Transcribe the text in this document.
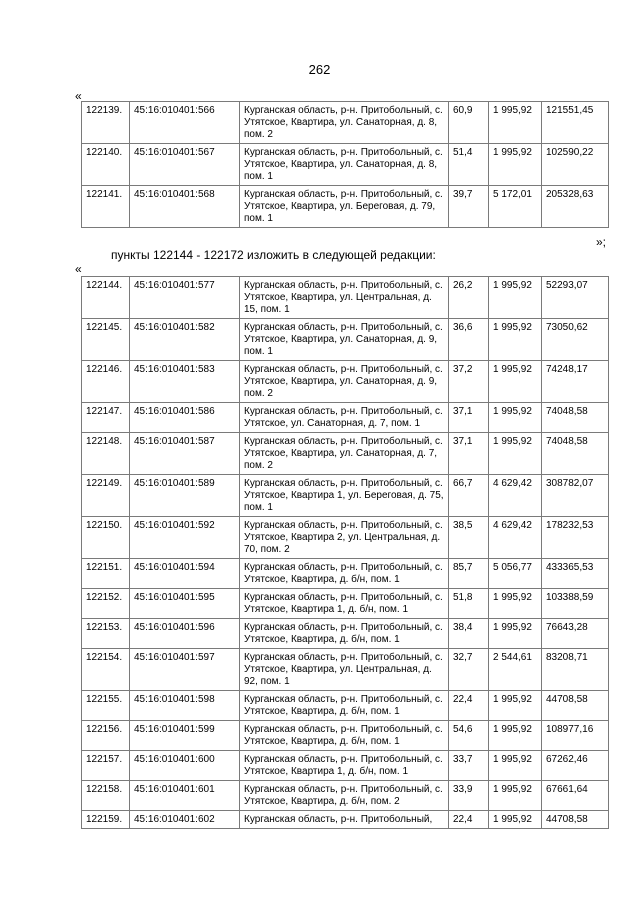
262
«
122139.	45:16:010401:566	Курганская область, р-н. Притобольный, с. Утятское, Квартира, ул. Санаторная, д. 8, пом. 2	60,9	1 995,92	121551,45
122140.	45:16:010401:567	Курганская область, р-н. Притобольный, с. Утятское, Квартира, ул. Санаторная, д. 8, пом. 1	51,4	1 995,92	102590,22
122141.	45:16:010401:568	Курганская область, р-н. Притобольный, с. Утятское, Квартира, ул. Береговая, д. 79, пом. 1	39,7	5 172,01	205328,63
»;
пункты 122144 - 122172 изложить в следующей редакции:
«
122144.	45:16:010401:577	Курганская область, р-н. Притобольный, с. Утятское, Квартира, ул. Центральная, д. 15, пом. 1	26,2	1 995,92	52293,07
122145.	45:16:010401:582	Курганская область, р-н. Притобольный, с. Утятское, Квартира, ул. Санаторная, д. 9, пом. 1	36,6	1 995,92	73050,62
122146.	45:16:010401:583	Курганская область, р-н. Притобольный, с. Утятское, Квартира, ул. Санаторная, д. 9, пом. 2	37,2	1 995,92	74248,17
122147.	45:16:010401:586	Курганская область, р-н. Притобольный, с. Утятское, ул. Санаторная, д. 7, пом. 1	37,1	1 995,92	74048,58
122148.	45:16:010401:587	Курганская область, р-н. Притобольный, с. Утятское, Квартира, ул. Санаторная, д. 7, пом. 2	37,1	1 995,92	74048,58
122149.	45:16:010401:589	Курганская область, р-н. Притобольный, с. Утятское, Квартира 1, ул. Береговая, д. 75, пом. 1	66,7	4 629,42	308782,07
122150.	45:16:010401:592	Курганская область, р-н. Притобольный, с. Утятское, Квартира 2, ул. Центральная, д. 70, пом. 2	38,5	4 629,42	178232,53
122151.	45:16:010401:594	Курганская область, р-н. Притобольный, с. Утятское, Квартира, д. б/н, пом. 1	85,7	5 056,77	433365,53
122152.	45:16:010401:595	Курганская область, р-н. Притобольный, с. Утятское, Квартира 1, д. б/н, пом. 1	51,8	1 995,92	103388,59
122153.	45:16:010401:596	Курганская область, р-н. Притобольный, с. Утятское, Квартира, д. б/н, пом. 1	38,4	1 995,92	76643,28
122154.	45:16:010401:597	Курганская область, р-н. Притобольный, с. Утятское, Квартира, ул. Центральная, д. 92, пом. 1	32,7	2 544,61	83208,71
122155.	45:16:010401:598	Курганская область, р-н. Притобольный, с. Утятское, Квартира, д. б/н, пом. 1	22,4	1 995,92	44708,58
122156.	45:16:010401:599	Курганская область, р-н. Притобольный, с. Утятское, Квартира, д. б/н, пом. 1	54,6	1 995,92	108977,16
122157.	45:16:010401:600	Курганская область, р-н. Притобольный, с. Утятское, Квартира 1, д. б/н, пом. 1	33,7	1 995,92	67262,46
122158.	45:16:010401:601	Курганская область, р-н. Притобольный, с. Утятское, Квартира, д. б/н, пом. 2	33,9	1 995,92	67661,64
122159.	45:16:010401:602	Курганская область, р-н. Притобольный,	22,4	1 995,92	44708,58
